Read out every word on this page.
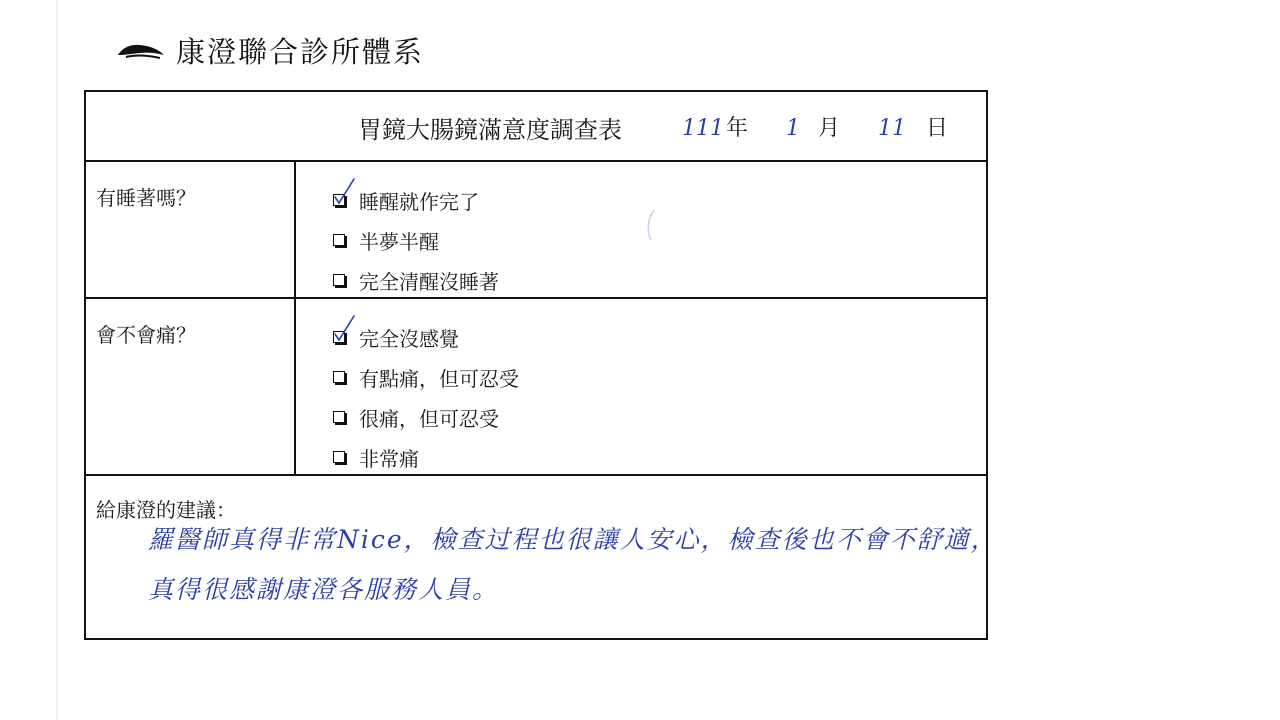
康澄聯合診所體系
胃鏡大腸鏡滿意度調查表	111年 1 月 11 日
有睡著嗎？	睡醒就作完了
半夢半醒
完全清醒沒睡著
會不會痛？	完全沒感覺
有點痛，但可忍受
很痛，但可忍受
非常痛
給康澄的建議：
羅醫師真得非常Nice，檢查过程也很讓人安心，檢查後也不會不舒適，
真得很感謝康澄各服務人員。
